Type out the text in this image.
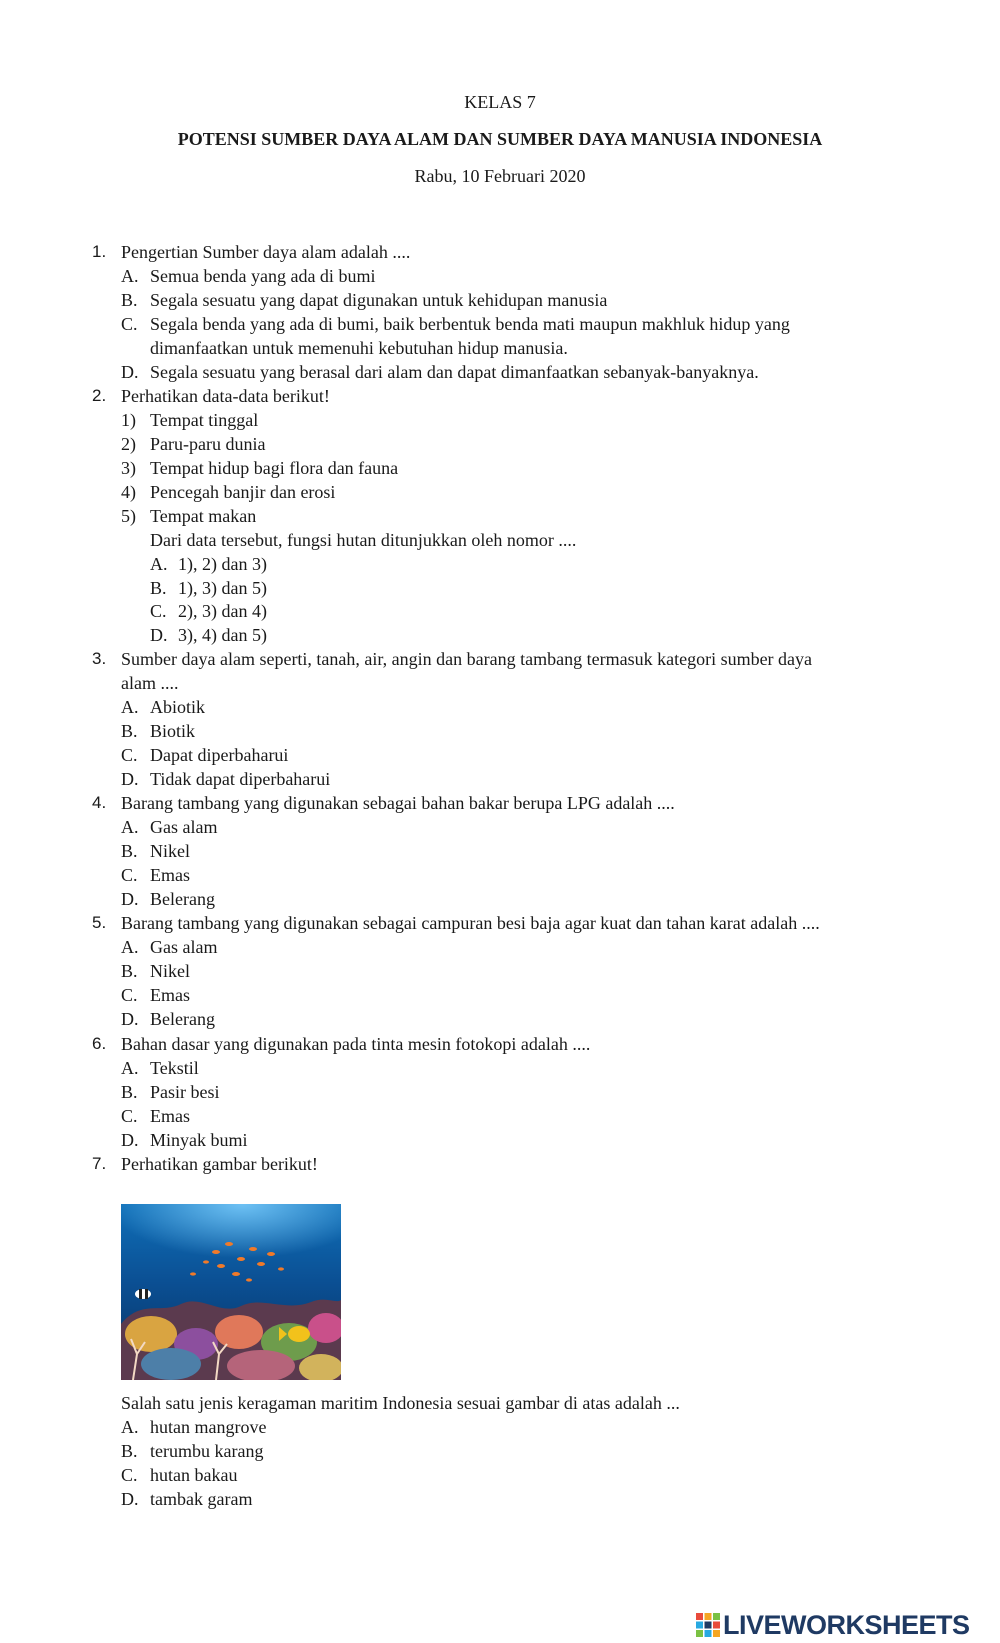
KELAS 7
POTENSI SUMBER DAYA ALAM DAN SUMBER DAYA MANUSIA INDONESIA
Rabu, 10 Februari 2020
1. Pengertian Sumber daya alam adalah ....
A. Semua benda yang ada di bumi
B. Segala sesuatu yang dapat digunakan untuk kehidupan manusia
C. Segala benda yang ada di bumi, baik berbentuk benda mati maupun makhluk hidup yang
dimanfaatkan untuk memenuhi kebutuhan hidup manusia.
D. Segala sesuatu yang berasal dari alam dan dapat dimanfaatkan sebanyak-banyaknya.
2. Perhatikan data-data berikut!
1) Tempat tinggal
2) Paru-paru dunia
3) Tempat hidup bagi flora dan fauna
4) Pencegah banjir dan erosi
5) Tempat makan
Dari data tersebut, fungsi hutan ditunjukkan oleh nomor ....
A. 1), 2) dan 3)
B. 1), 3) dan 5)
C. 2), 3) dan 4)
D. 3), 4) dan 5)
3. Sumber daya alam seperti, tanah, air, angin dan barang tambang termasuk kategori sumber daya
alam ....
A. Abiotik
B. Biotik
C. Dapat diperbaharui
D. Tidak dapat diperbaharui
4. Barang tambang yang digunakan sebagai bahan bakar berupa LPG adalah ....
A. Gas alam
B. Nikel
C. Emas
D. Belerang
5. Barang tambang yang digunakan sebagai campuran besi baja agar kuat dan tahan karat adalah ....
A. Gas alam
B. Nikel
C. Emas
D. Belerang
6. Bahan dasar yang digunakan pada tinta mesin fotokopi adalah ....
A. Tekstil
B. Pasir besi
C. Emas
D. Minyak bumi
7. Perhatikan gambar berikut!
Salah satu jenis keragaman maritim Indonesia sesuai gambar di atas adalah ...
A. hutan mangrove
B. terumbu karang
C. hutan bakau
D. tambak garam
LIVEWORKSHEETS
